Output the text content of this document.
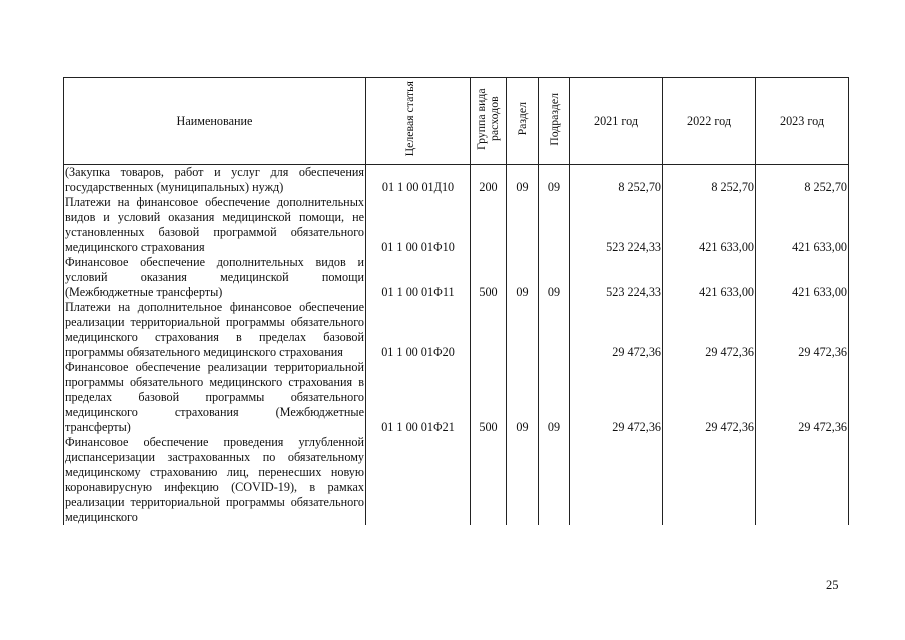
Наименование	Целевая статья	Группа вида расходов	Раздел	Подраздел	2021 год	2022 год	2023 год
(Закупка товаров, работ и услуг для обеспечения государственных (муниципальных) нужд)	01 1 00 01Д10	200	09	09	8 252,70	8 252,70	8 252,70
Платежи на финансовое обеспечение дополнительных видов и условий оказания медицинской помощи, не установленных базовой программой обязательного медицинского страхования	01 1 00 01Ф10				523 224,33	421 633,00	421 633,00
Финансовое обеспечение дополнительных видов и условий оказания медицинской помощи (Межбюджетные трансферты)	01 1 00 01Ф11	500	09	09	523 224,33	421 633,00	421 633,00
Платежи на дополнительное финансовое обеспечение реализации территориальной программы обязательного медицинского страхования в пределах базовой программы обязательного медицинского страхования	01 1 00 01Ф20				29 472,36	29 472,36	29 472,36
Финансовое обеспечение реализации территориальной программы обязательного медицинского страхования в пределах базовой программы обязательного медицинского страхования (Межбюджетные трансферты)	01 1 00 01Ф21	500	09	09	29 472,36	29 472,36	29 472,36
Финансовое обеспечение проведения углубленной диспансеризации застрахованных по обязательному медицинскому страхованию лиц, перенесших новую коронавирусную инфекцию (COVID-19), в рамках реализации территориальной программы обязательного медицинского							
25
